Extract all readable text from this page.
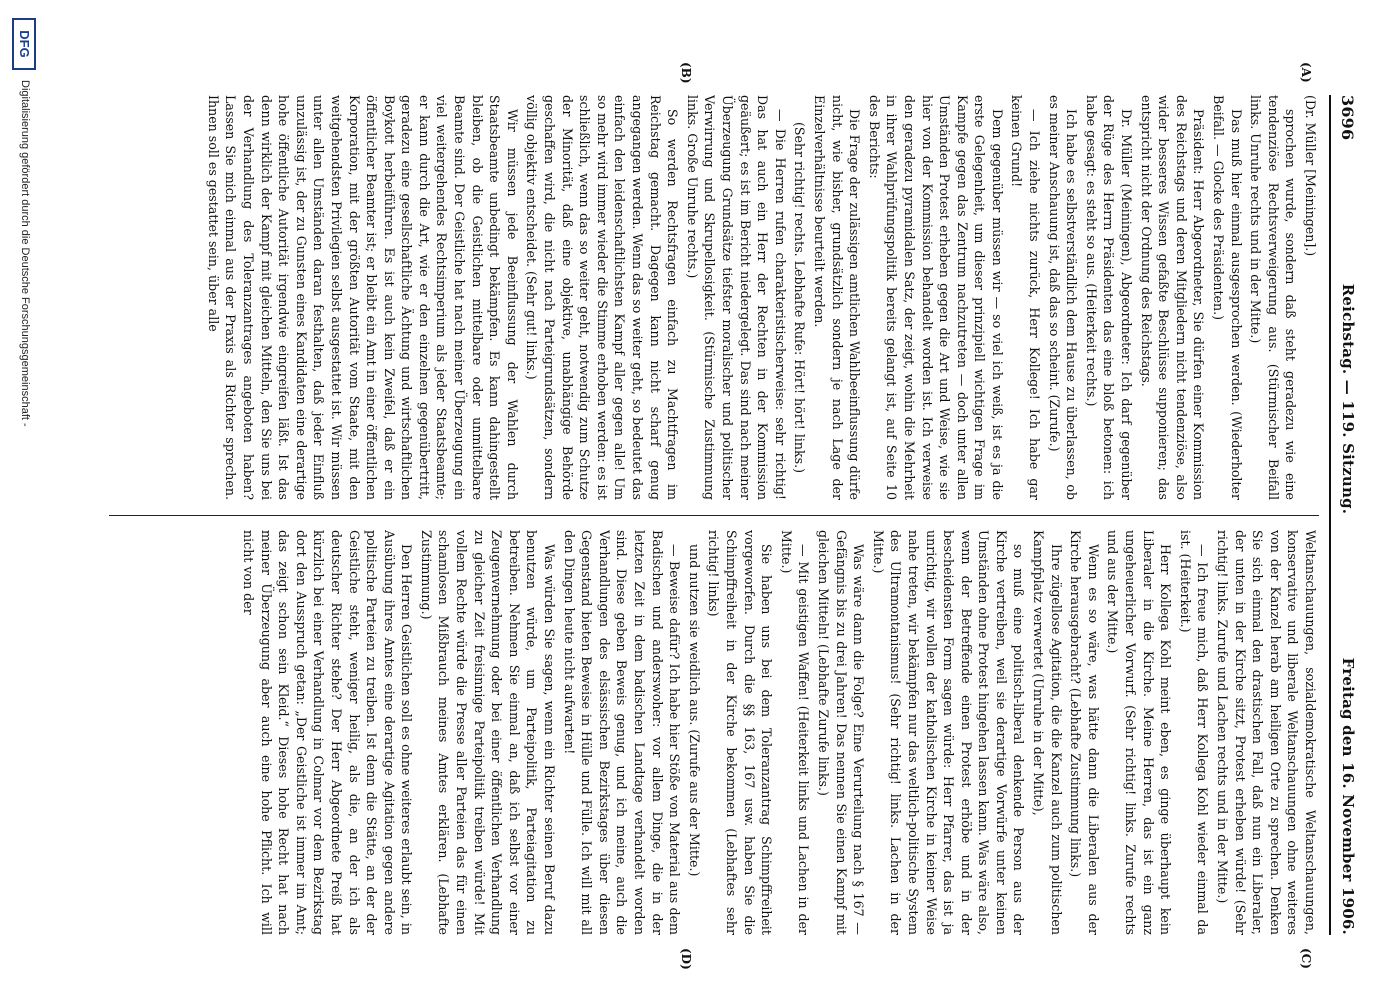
3696
Reichstag. — 119. Sitzung.
Freitag den 16. November 1906.
(A)
(B)
(C)
(D)

(Dr. Müller [Meiningen].)

sprochen wurde, sondern daß steht geradezu wie eine tendenziöse Rechtsverweigerung aus. (Stürmischer Beifall links. Unruhe rechts und in der Mitte.)

Das muß hier einmal ausgesprochen werden. (Wiederholter Beifall. — Glocke des Präsidenten.)

Präsident: Herr Abgeordneter, Sie dürfen einer Kommission des Reichstags und deren Mitgliedern nicht tendenziöse, also wider besseres Wissen gefaßte Beschlüsse supponieren; das entspricht nicht der Ordnung des Reichstags.

Dr. Müller (Meiningen), Abgeordneter: Ich darf gegenüber der Rüge des Herrn Präsidenten das eine bloß betonen: ich habe gesagt: es steht so aus. (Heiterkeit rechts.)

Ich habe es selbstverständlich dem Hause zu überlassen, ob es meiner Anschauung ist, daß das so scheint. (Zurufe.)

— Ich ziehe nichts zurück, Herr Kollege! Ich habe gar keinen Grund!

Dem gegenüber müssen wir — so viel ich weiß, ist es ja die erste Gelegenheit, um dieser prinzipiell wichtigen Frage im Kampfe gegen das Zentrum nachzutreten — doch unter allen Umständen Protest erheben gegen die Art und Weise, wie sie hier von der Kommission behandelt worden ist. Ich verweise den geradezu pyramidalen Satz, der zeigt, wohin die Mehrheit in ihrer Wahlprüfungspolitik bereits gelangt ist, auf Seite 10 des Berichts:

Die Frage der zulässigen amtlichen Wahlbeeinflussung dürfe nicht, wie bisher, grundsätzlich sondern je nach Lage der Einzelverhältnisse beurteilt werden.

(Sehr richtig! rechts. Lebhafte Rufe: Hört! hört! links.)

— Die Herren rufen charakteristischerweise: sehr richtig! Das hat auch ein Herr der Rechten in der Kommission geäußert; es ist im Bericht niedergelegt. Das sind nach meiner Überzeugung Grundsätze tiefster moralischer und politischer Verwirrung und Skrupellosigkeit. (Stürmische Zustimmung links. Große Unruhe rechts.)

So werden Rechtsfragen einfach zu Machtfragen im Reichstag gemacht. Dagegen kann nicht scharf genug angegangen werden. Wenn das so weiter geht, so bedeutet das einfach den leidenschaftlichsten Kampf aller gegen alle! Um so mehr wird immer wieder die Stimme erhoben werden: es ist schließlich, wenn das so weiter geht, notwendig zum Schutze der Minorität, daß eine objektive, unabhängige Behörde geschaffen wird, die nicht nach Parteigrundsätzen, sondern völlig objektiv entscheidet. (Sehr gut! links.)

Wir müssen jede Beeinflussung der Wahlen durch Staatsbeamte unbedingt bekämpfen. Es kann dahingestellt bleiben, ob die Geistlichen mittelbare oder unmittelbare Beamte sind. Der Geistliche hat nach meiner Überzeugung ein viel weitergehendes Rechtsimperium als jeder Staatsbeamte; er kann durch die Art, wie er den einzelnen gegenübertritt, geradezu eine gesellschaftliche Ächtung und wirtschaftlichen Boykott herbeiführen. Es ist auch kein Zweifel, daß er ein öffentlicher Beamter ist; er bleibt ein Amt in einer öffentlichen Korporation, mit der größten Autorität vom Staate, mit den weitgehendsten Privilegien selbst ausgestattet ist. Wir müssen unter allen Umständen daran festhalten, daß jeder Einfluß unzulässig ist, der zu Gunsten eines Kandidaten eine derartige hohe öffentliche Autorität irgendwie eingreifen läßt. Ist das denn wirklich der Kampf mit gleichen Mitteln, den Sie uns bei der Verhandlung des Toleranzantrages angeboten haben? Lassen Sie mich einmal aus der Praxis als Richter sprechen. Ihnen soll es gestattet sein, über alle

Weltanschauungen, sozialdemokratische Weltanschauungen, konservative und liberale Weltanschauungen ohne weiteres von der Kanzel herab am heiligen Orte zu sprechen. Denken Sie sich einmal den drastischen Fall, daß nun ein Liberaler, der unten in der Kirche sitzt, Protest erheben würde! (Sehr richtig! links. Zurufe und Lachen rechts und in der Mitte.)

— Ich freue mich, daß Herr Kollega Kohl wieder einmal da ist. (Heiterkeit.)

Herr Kollega Kohl meint eben, es ginge überhaupt kein Liberaler in die Kirche. Meine Herren, das ist ein ganz ungeheuerlicher Vorwurf. (Sehr richtig! links. Zurufe rechts und aus der Mitte.)

Wenn es so wäre, was hätte dann die Liberalen aus der Kirche herausgebracht? (Lebhafte Zustimmung links.)

Ihre zügellose Agitation, die die Kanzel auch zum politischen Kampfplatz verwertet (Unruhe in der Mitte),

so muß eine politisch-liberal denkende Person aus der Kirche vertreiben, weil sie derartige Vorwürfe unter keinen Umständen ohne Protest hingehen lassen kann. Was wäre also, wenn der Betreffende einen Protest erhöbe und in der bescheidensten Form sagen würde: Herr Pfarrer, das ist ja unrichtig, wir wollen der katholischen Kirche in keiner Weise nahe treten, wir bekämpfen nur das weltlich-politische System des Ultramontanismus! (Sehr richtig! links. Lachen in der Mitte.)

Was wäre dann die Folge? Eine Verurteilung nach § 167 — Gefängnis bis zu drei Jahren! Das nennen Sie einen Kampf mit gleichen Mitteln! (Lebhafte Zurufe links.)

— Mit geistigen Waffen! (Heiterkeit links und Lachen in der Mitte.)

Sie haben uns bei dem Toleranzantrag Schimpffreiheit vorgeworfen. Durch die §§ 163, 167 usw. haben Sie die Schimpffreiheit in der Kirche bekommen (Lebhaftes sehr richtig! links)

und nutzen sie weidlich aus. (Zurufe aus der Mitte.)

— Beweise dafür? Ich habe hier Stöße von Material aus dem Badischen und anderswoher: vor allem Dinge, die in der letzten Zeit in dem badischen Landtage verhandelt worden sind. Diese geben Beweis genug, und ich meine, auch die Verhandlungen des elsässischen Bezirkstages über diesen Gegenstand bieten Beweise in Hülle und Fülle. Ich will mit all den Dingen heute nicht aufwarten!

Was würden Sie sagen, wenn ein Richter seinen Beruf dazu benutzen würde, um Parteipolitik, Parteiagitation zu betreiben. Nehmen Sie einmal an, daß ich selbst vor einer Zeugenvernehmung oder bei einer öffentlichen Verhandlung zu gleicher Zeit freisinnige Parteipolitik treiben würde! Mit vollem Rechte würde die Presse aller Parteien das für einen schamlosen Mißbrauch meines Amtes erklären. (Lebhafte Zustimmung.)

Den Herren Geistlichen soll es ohne weiteres erlaubt sein, in Ausübung ihres Amtes eine derartige Agitation gegen andere politische Parteien zu treiben. Ist denn die Stätte, an der der Geistliche steht, weniger heilig, als die, an der ich als deutscher Richter stehe? Der Herr Abgeordnete Preiß hat kürzlich bei einer Verhandlung in Colmar vor dem Bezirkstag dort den Ausspruch getan: „Der Geistliche ist immer im Amt; das zeigt schon sein Kleid.“ Dieses hohe Recht hat nach meiner Überzeugung aber auch eine hohe Pflicht. Ich will nicht von der

Digitalisierung gefördert durch die Deutsche Forschungsgemeinschaft -
DFG
